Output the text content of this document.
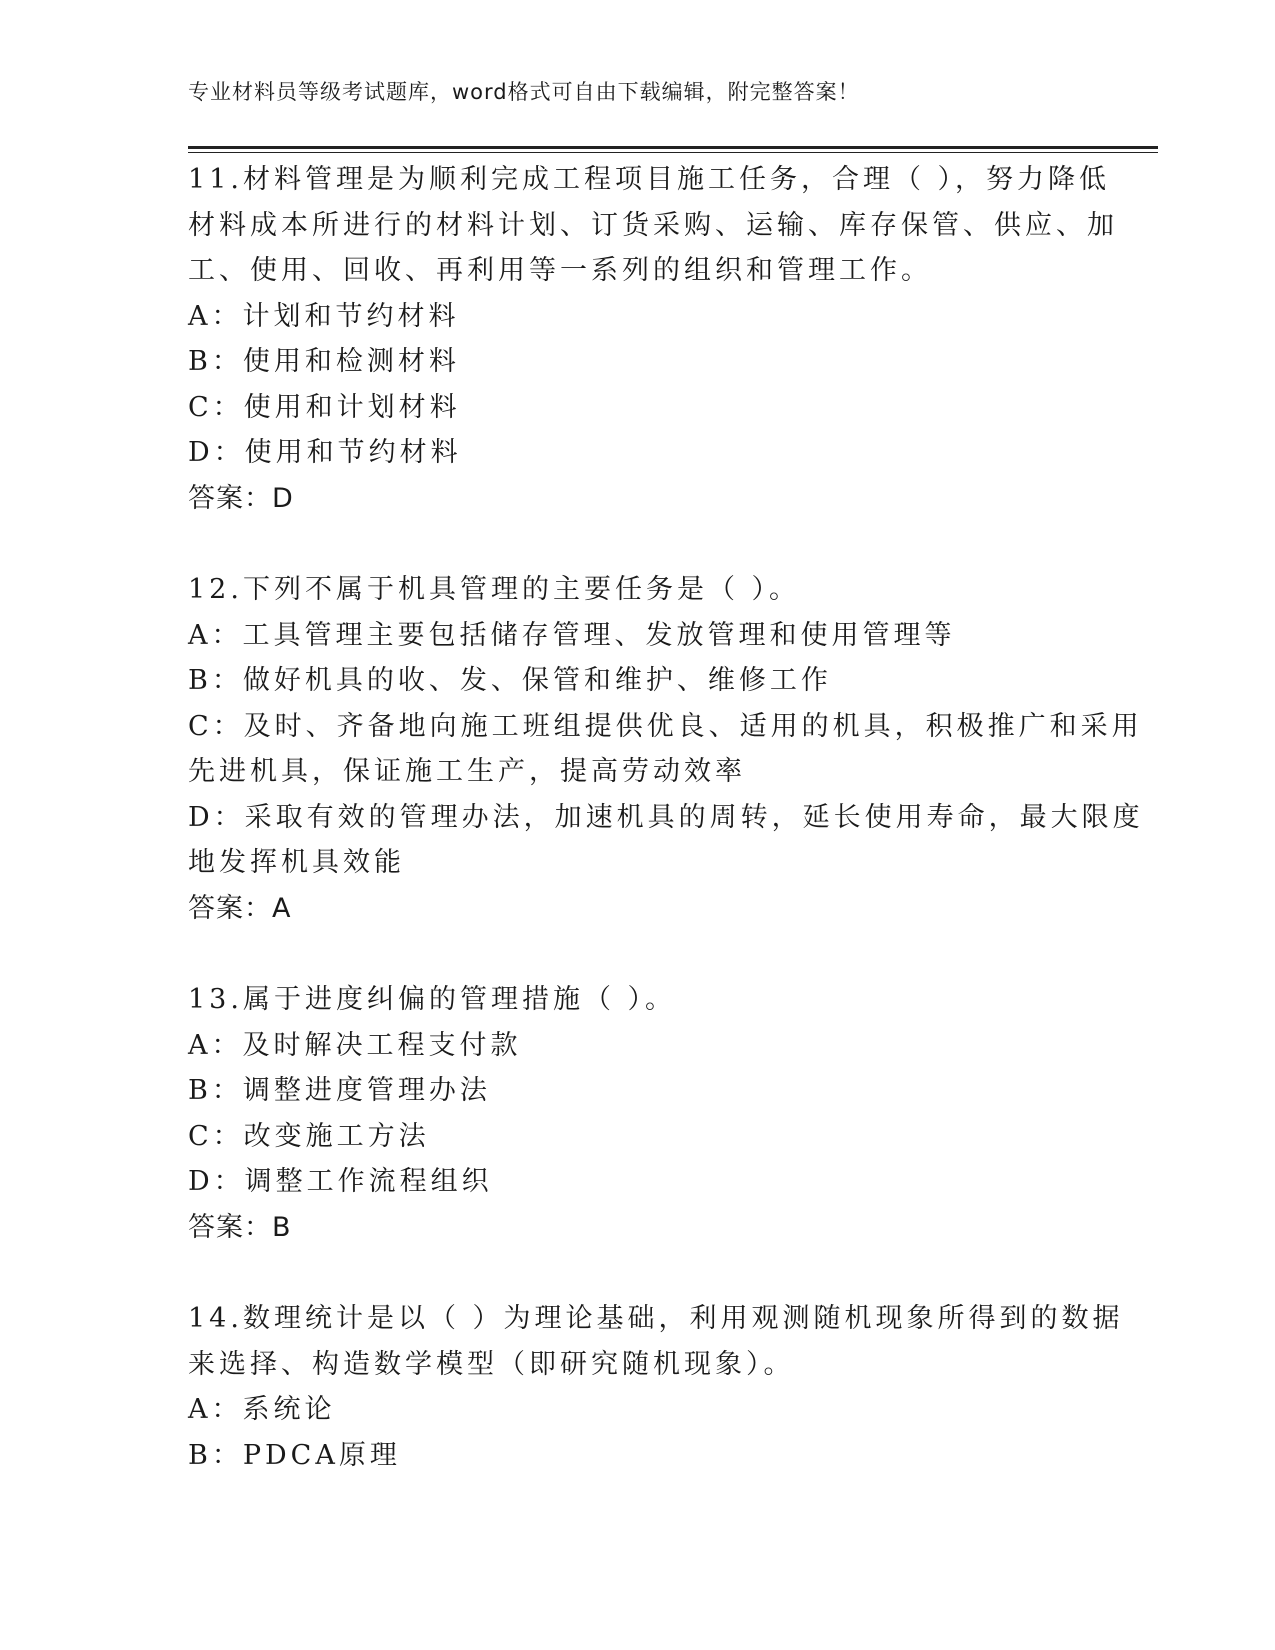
专业材料员等级考试题库，word格式可自由下载编辑，附完整答案！
11.材料管理是为顺利完成工程项目施工任务，合理（ ），努力降低
材料成本所进行的材料计划、订货采购、运输、库存保管、供应、加
工、使用、回收、再利用等一系列的组织和管理工作。
A：计划和节约材料
B：使用和检测材料
C：使用和计划材料
D：使用和节约材料
答案：D
12.下列不属于机具管理的主要任务是（ ）。
A：工具管理主要包括储存管理、发放管理和使用管理等
B：做好机具的收、发、保管和维护、维修工作
C：及时、齐备地向施工班组提供优良、适用的机具，积极推广和采用
先进机具，保证施工生产，提高劳动效率
D：采取有效的管理办法，加速机具的周转，延长使用寿命，最大限度
地发挥机具效能
答案：A
13.属于进度纠偏的管理措施（ ）。
A：及时解决工程支付款
B：调整进度管理办法
C：改变施工方法
D：调整工作流程组织
答案：B
14.数理统计是以（ ）为理论基础，利用观测随机现象所得到的数据
来选择、构造数学模型（即研究随机现象）。
A：系统论
B：PDCA原理
